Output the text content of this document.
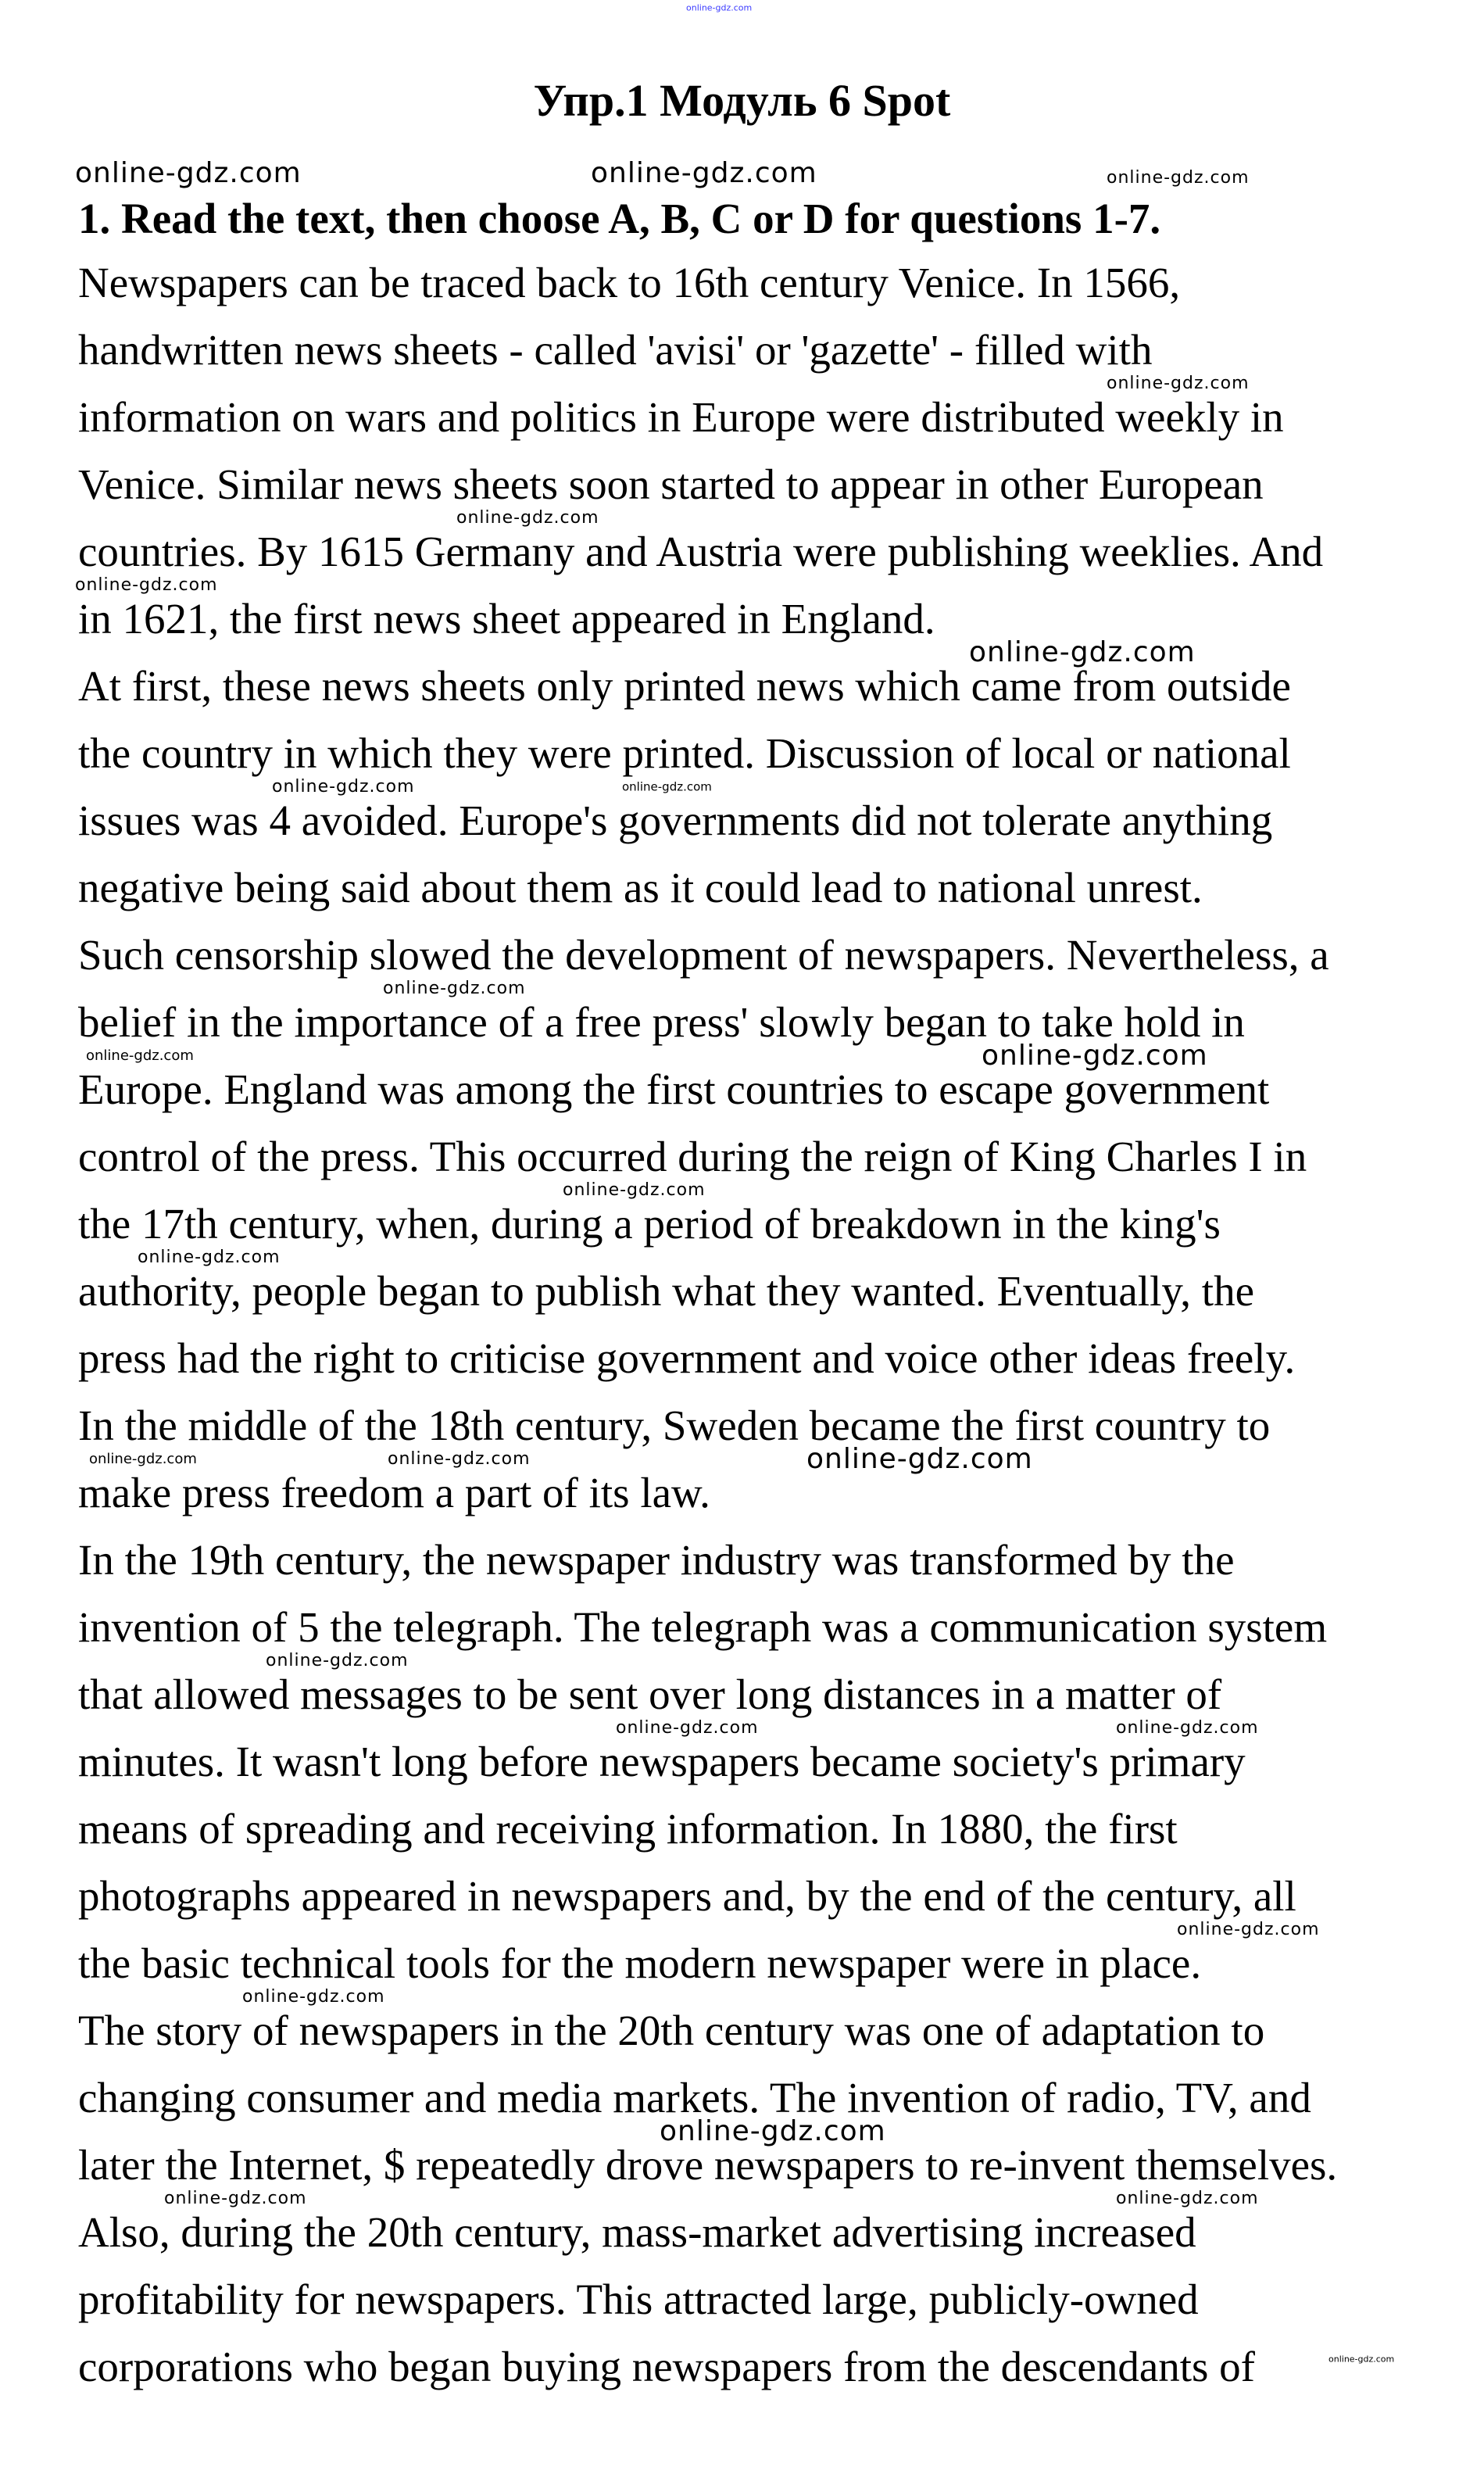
online-gdz.com
Упр.1 Модуль 6 Spot
1. Read the text, then choose A, B, C or D for questions 1-7.
Newspapers can be traced back to 16th century Venice. In 1566,
handwritten news sheets - called 'avisi' or 'gazette' - filled with
information on wars and politics in Europe were distributed weekly in
Venice. Similar news sheets soon started to appear in other European
countries. By 1615 Germany and Austria were publishing weeklies. And
in 1621, the first news sheet appeared in England.
At first, these news sheets only printed news which came from outside
the country in which they were printed. Discussion of local or national
issues was 4 avoided. Europe's governments did not tolerate anything
negative being said about them as it could lead to national unrest.
Such censorship slowed the development of newspapers. Nevertheless, a
belief in the importance of a free press' slowly began to take hold in
Europe. England was among the first countries to escape government
control of the press. This occurred during the reign of King Charles I in
the 17th century, when, during a period of breakdown in the king's
authority, people began to publish what they wanted. Eventually, the
press had the right to criticise government and voice other ideas freely.
In the middle of the 18th century, Sweden became the first country to
make press freedom a part of its law.
In the 19th century, the newspaper industry was transformed by the
invention of 5 the telegraph. The telegraph was a communication system
that allowed messages to be sent over long distances in a matter of
minutes. It wasn't long before newspapers became society's primary
means of spreading and receiving information. In 1880, the first
photographs appeared in newspapers and, by the end of the century, all
the basic technical tools for the modern newspaper were in place.
The story of newspapers in the 20th century was one of adaptation to
changing consumer and media markets. The invention of radio, TV, and
later the Internet, $ repeatedly drove newspapers to re-invent themselves.
Also, during the 20th century, mass-market advertising increased
profitability for newspapers. This attracted large, publicly-owned
corporations who began buying newspapers from the descendants of
online-gdz.com	online-gdz.com	online-gdz.com
online-gdz.com
online-gdz.com
online-gdz.com
online-gdz.com
online-gdz.com	online-gdz.com
online-gdz.com
online-gdz.com	online-gdz.com
online-gdz.com
online-gdz.com
online-gdz.com	online-gdz.com	online-gdz.com
online-gdz.com
online-gdz.com	online-gdz.com
online-gdz.com
online-gdz.com
online-gdz.com
online-gdz.com	online-gdz.com
online-gdz.com
